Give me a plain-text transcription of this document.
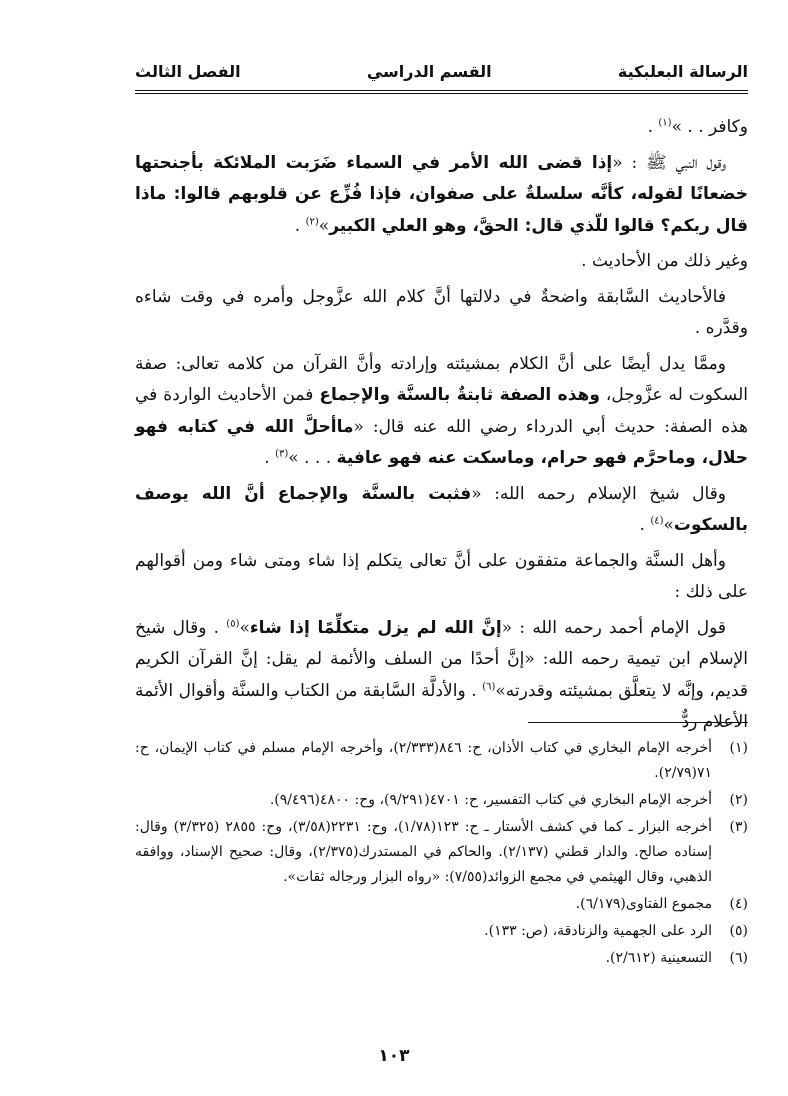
الرسالة البعلبكية
القسم الدراسي
الفصل الثالث

وكافر . . »$^{(١)}$ .

وقول النبي ﷺ : «إذا قضى الله الأمر في السماء ضَرَبت الملائكة بأجنحتها خضعانًا لقوله، كأنَّه سلسلةٌ على صفوان، فإذا فُزِّع عن قلوبهم قالوا: ماذا قال ربكم؟ قالوا للّذي قال: الحقَّ، وهو العلي الكبير»$^{(٢)}$ .

وغير ذلك من الأحاديث .

فالأحاديث السَّابقة واضحةٌ في دلالتها أنَّ كلام الله عزَّوجل وأمره في وقت شاءه وقدَّره .

وممَّا يدل أيضًا على أنَّ الكلام بمشيئته وإرادته وأنَّ القرآن من كلامه تعالى: صفة السكوت له عزَّوجل، وهذه الصفة ثابتةٌ بالسنَّة والإجماع فمن الأحاديث الواردة في هذه الصفة: حديث أبي الدرداء رضي الله عنه قال: «ماأحلَّ الله في كتابه فهو حلال، وماحرَّم فهو حرام، وماسكت عنه فهو عافية . . . »$^{(٣)}$ .

وقال شيخ الإسلام رحمه الله: «فثبت بالسنَّة والإجماع أنَّ الله يوصف بالسكوت»$^{(٤)}$ .

وأهل السنَّة والجماعة متفقون على أنَّ تعالى يتكلم إذا شاء ومتى شاء ومن أقوالهم على ذلك :

قول الإمام أحمد رحمه الله : «إنَّ الله لم يزل متكلِّمًا إذا شاء»$^{(٥)}$ . وقال شيخ الإسلام ابن تيمية رحمه الله: «إنَّ أحدًا من السلف والأئمة لم يقل: إنَّ القرآن الكريم قديم، وإنَّه لا يتعلَّق بمشيئته وقدرته»$^{(٦)}$ . والأدلَّة السَّابقة من الكتاب والسنَّة وأقوال الأئمة الأعلام ردٌّ

(١)
أخرجه الإمام البخاري في كتاب الأذان، ح: ٨٤٦(٢/٣٣٣)، وأخرجه الإمام مسلم في كتاب الإيمان، ح: ٧١(٢/٧٩).
(٢)
أخرجه الإمام البخاري في كتاب التفسير، ح: ٤٧٠١(٩/٢٩١)، وح: ٤٨٠٠(٩/٤٩٦).
(٣)
أخرجه البزار ـ كما في كشف الأستار ـ ح: ١٢٣(١/٧٨)، وح: ٢٢٣١(٣/٥٨)، وح: ٢٨٥٥ (٣/٣٢٥) وقال: إسناده صالح. والدار قطني (٢/١٣٧). والحاكم في المستدرك(٢/٣٧٥)، وقال: صحيح الإسناد، ووافقه الذهبي، وقال الهيثمي في مجمع الزوائد(٧/٥٥): «رواه البزار ورجاله ثقات».
(٤)
مجموع الفتاوى(٦/١٧٩).
(٥)
الرد على الجهمية والزنادقة، (ص: ١٣٣).
(٦)
التسعينية (٢/٦١٢).
١٠٣
